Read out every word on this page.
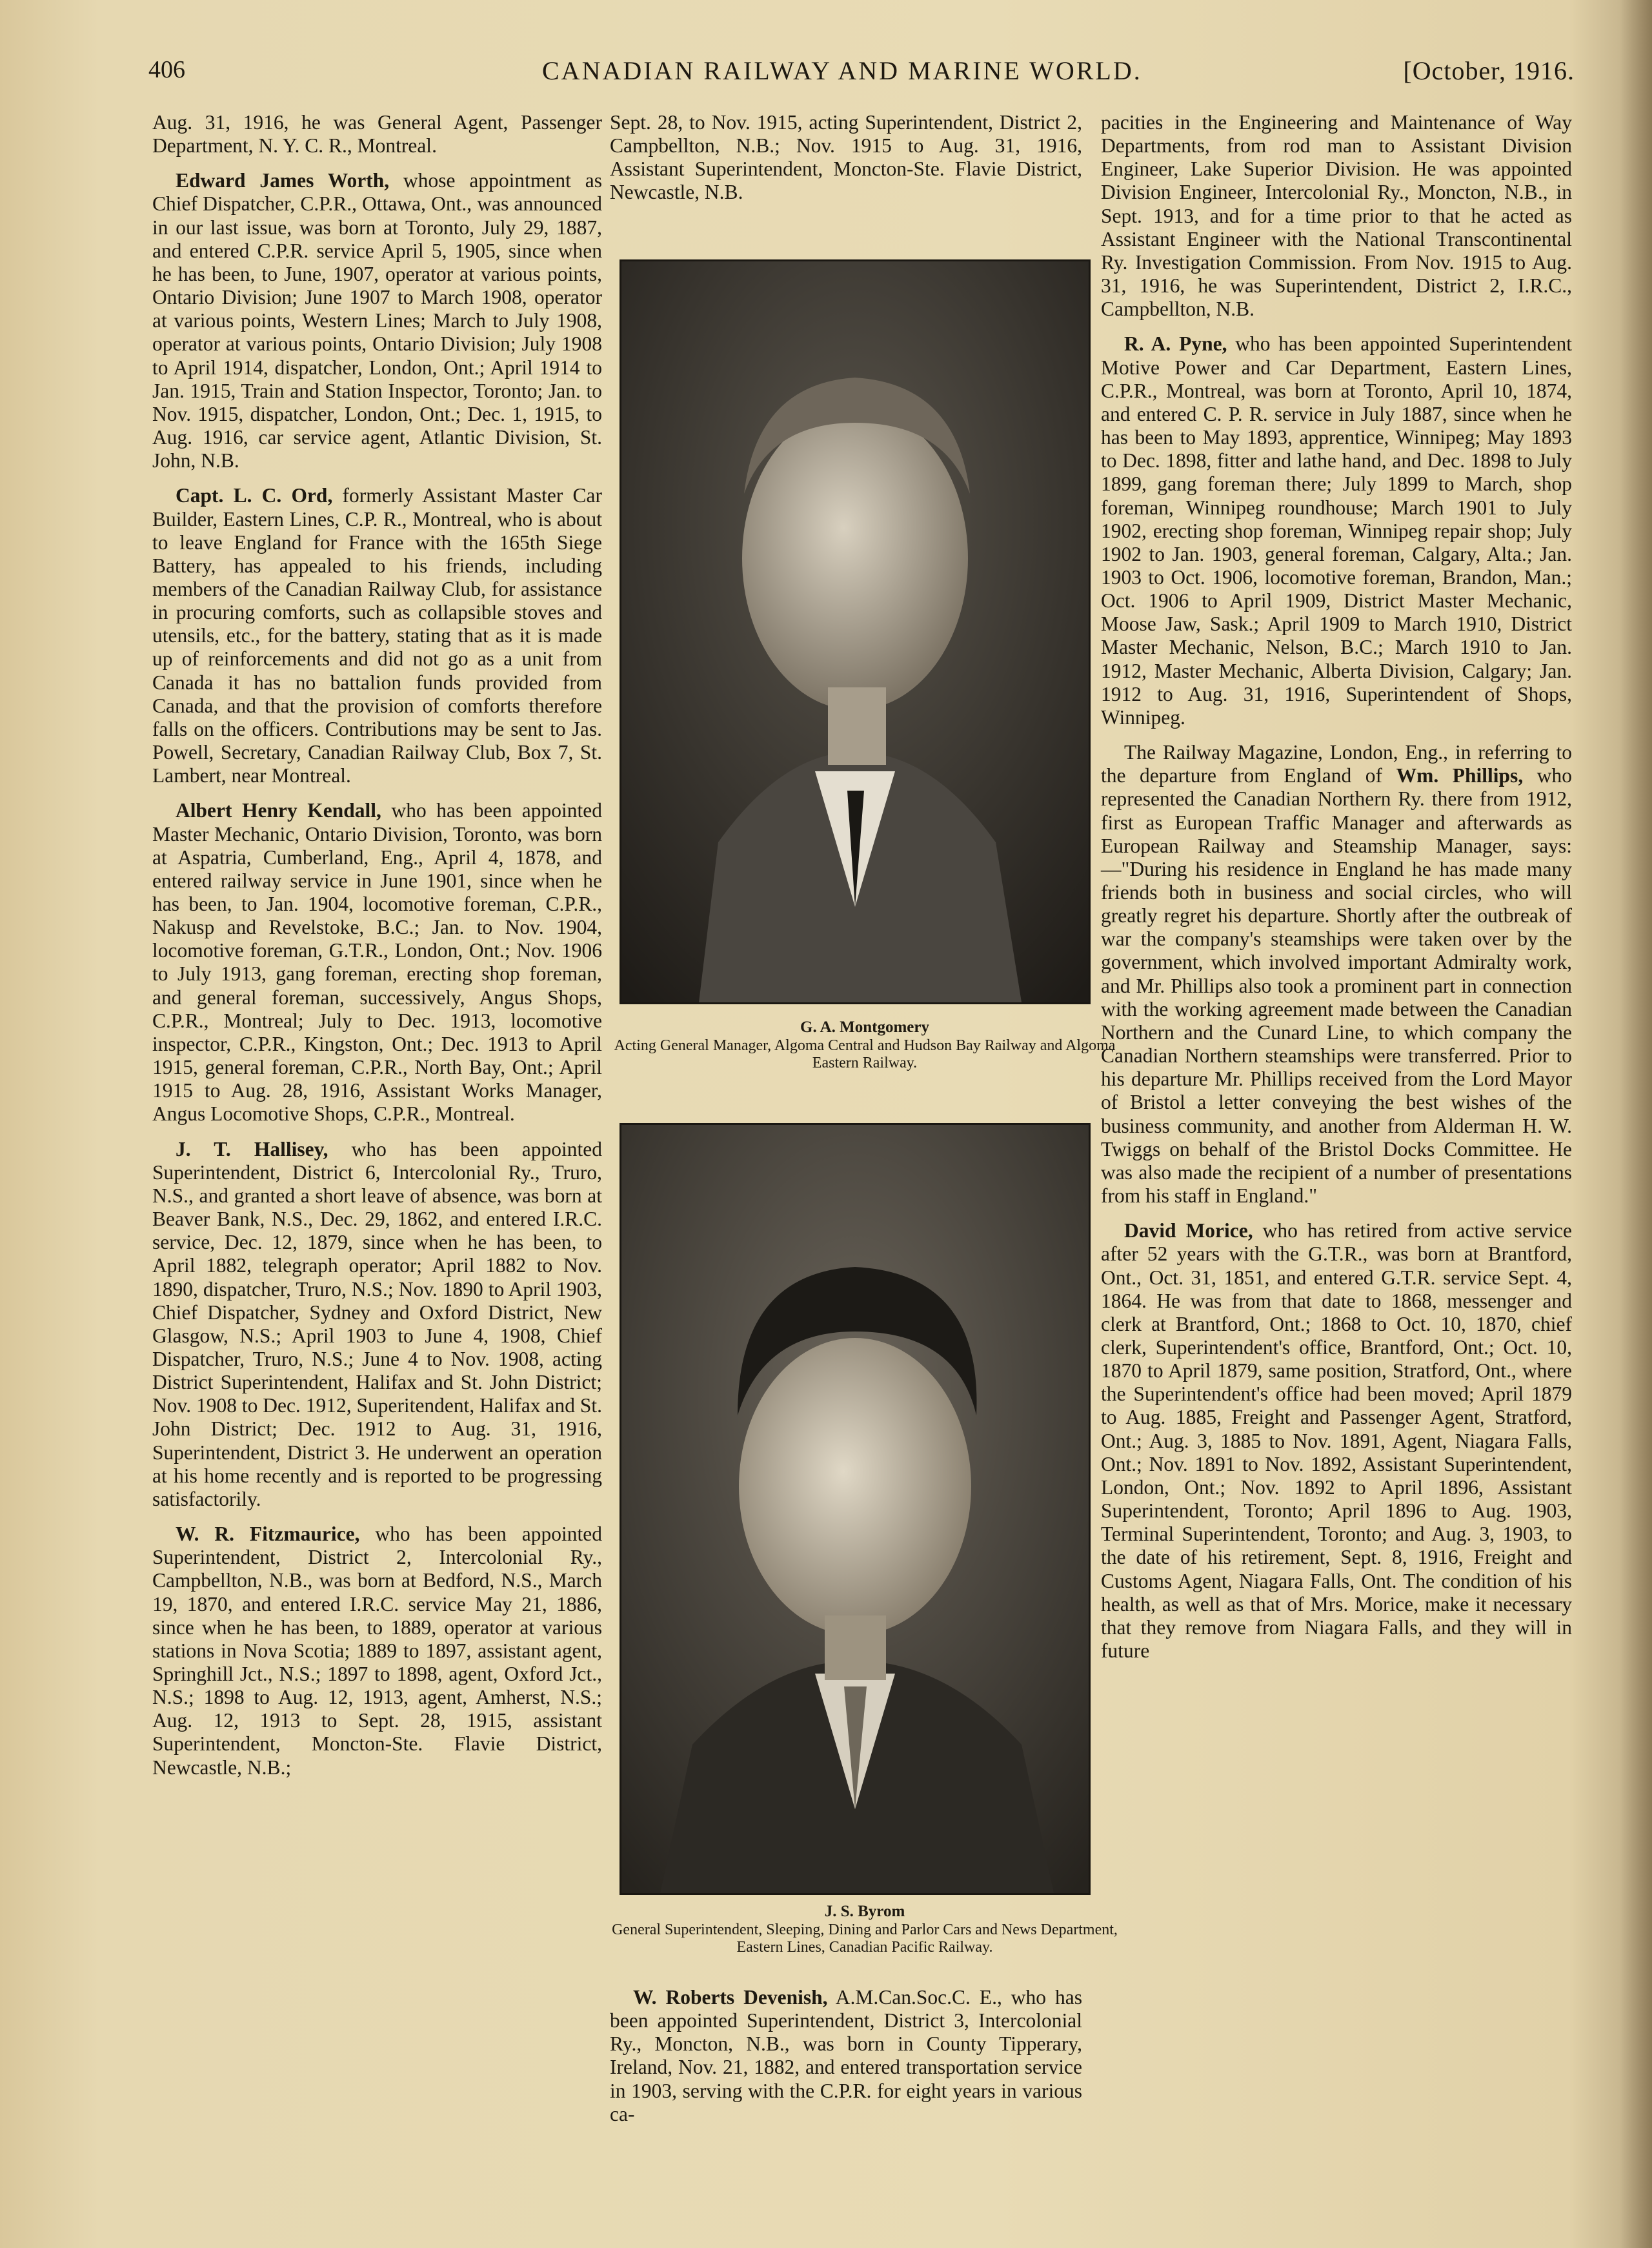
406	CANADIAN RAILWAY AND MARINE WORLD.	[October, 1916.

Aug. 31, 1916, he was General Agent, Passenger Department, N. Y. C. R., Montreal.

Edward James Worth, whose appointment as Chief Dispatcher, C.P.R., Ottawa, Ont., was announced in our last issue, was born at Toronto, July 29, 1887, and entered C.P.R. service April 5, 1905, since when he has been, to June, 1907, operator at various points, Ontario Division; June 1907 to March 1908, operator at various points, Western Lines; March to July 1908, operator at various points, Ontario Division; July 1908 to April 1914, dispatcher, London, Ont.; April 1914 to Jan. 1915, Train and Station Inspector, Toronto; Jan. to Nov. 1915, dispatcher, London, Ont.; Dec. 1, 1915, to Aug. 1916, car service agent, Atlantic Division, St. John, N.B.

Capt. L. C. Ord, formerly Assistant Master Car Builder, Eastern Lines, C.P. R., Montreal, who is about to leave England for France with the 165th Siege Battery, has appealed to his friends, including members of the Canadian Railway Club, for assistance in procuring comforts, such as collapsible stoves and utensils, etc., for the battery, stating that as it is made up of reinforcements and did not go as a unit from Canada it has no battalion funds provided from Canada, and that the provision of comforts therefore falls on the officers. Contributions may be sent to Jas. Powell, Secretary, Canadian Railway Club, Box 7, St. Lambert, near Montreal.

Albert Henry Kendall, who has been appointed Master Mechanic, Ontario Division, Toronto, was born at Aspatria, Cumberland, Eng., April 4, 1878, and entered railway service in June 1901, since when he has been, to Jan. 1904, locomotive foreman, C.P.R., Nakusp and Revelstoke, B.C.; Jan. to Nov. 1904, locomotive foreman, G.T.R., London, Ont.; Nov. 1906 to July 1913, gang foreman, erecting shop foreman, and general foreman, successively, Angus Shops, C.P.R., Montreal; July to Dec. 1913, locomotive inspector, C.P.R., Kingston, Ont.; Dec. 1913 to April 1915, general foreman, C.P.R., North Bay, Ont.; April 1915 to Aug. 28, 1916, Assistant Works Manager, Angus Locomotive Shops, C.P.R., Montreal.

J. T. Hallisey, who has been appointed Superintendent, District 6, Intercolonial Ry., Truro, N.S., and granted a short leave of absence, was born at Beaver Bank, N.S., Dec. 29, 1862, and entered I.R.C. service, Dec. 12, 1879, since when he has been, to April 1882, telegraph operator; April 1882 to Nov. 1890, dispatcher, Truro, N.S.; Nov. 1890 to April 1903, Chief Dispatcher, Sydney and Oxford District, New Glasgow, N.S.; April 1903 to June 4, 1908, Chief Dispatcher, Truro, N.S.; June 4 to Nov. 1908, acting District Superintendent, Halifax and St. John District; Nov. 1908 to Dec. 1912, Superitendent, Halifax and St. John District; Dec. 1912 to Aug. 31, 1916, Superintendent, District 3. He underwent an operation at his home recently and is reported to be progressing satisfactorily.

W. R. Fitzmaurice, who has been appointed Superintendent, District 2, Intercolonial Ry., Campbellton, N.B., was born at Bedford, N.S., March 19, 1870, and entered I.R.C. service May 21, 1886, since when he has been, to 1889, operator at various stations in Nova Scotia; 1889 to 1897, assistant agent, Springhill Jct., N.S.; 1897 to 1898, agent, Oxford Jct., N.S.; 1898 to Aug. 12, 1913, agent, Amherst, N.S.; Aug. 12, 1913 to Sept. 28, 1915, assistant Superintendent, Moncton-Ste. Flavie District, Newcastle, N.B.;

Sept. 28, to Nov. 1915, acting Superintendent, District 2, Campbellton, N.B.; Nov. 1915 to Aug. 31, 1916, Assistant Superintendent, Moncton-Ste. Flavie District, Newcastle, N.B.

G. A. Montgomery
Acting General Manager, Algoma Central and Hudson Bay Railway and Algoma Eastern Railway.
J. S. Byrom
General Superintendent, Sleeping, Dining and Parlor Cars and News Department, Eastern Lines, Canadian Pacific Railway.

W. Roberts Devenish, A.M.Can.Soc.C. E., who has been appointed Superintendent, District 3, Intercolonial Ry., Moncton, N.B., was born in County Tipperary, Ireland, Nov. 21, 1882, and entered transportation service in 1903, serving with the C.P.R. for eight years in various ca-

pacities in the Engineering and Maintenance of Way Departments, from rod man to Assistant Division Engineer, Lake Superior Division. He was appointed Division Engineer, Intercolonial Ry., Moncton, N.B., in Sept. 1913, and for a time prior to that he acted as Assistant Engineer with the National Transcontinental Ry. Investigation Commission. From Nov. 1915 to Aug. 31, 1916, he was Superintendent, District 2, I.R.C., Campbellton, N.B.

R. A. Pyne, who has been appointed Superintendent Motive Power and Car Department, Eastern Lines, C.P.R., Montreal, was born at Toronto, April 10, 1874, and entered C. P. R. service in July 1887, since when he has been to May 1893, apprentice, Winnipeg; May 1893 to Dec. 1898, fitter and lathe hand, and Dec. 1898 to July 1899, gang foreman there; July 1899 to March, shop foreman, Winnipeg roundhouse; March 1901 to July 1902, erecting shop foreman, Winnipeg repair shop; July 1902 to Jan. 1903, general foreman, Calgary, Alta.; Jan. 1903 to Oct. 1906, locomotive foreman, Brandon, Man.; Oct. 1906 to April 1909, District Master Mechanic, Moose Jaw, Sask.; April 1909 to March 1910, District Master Mechanic, Nelson, B.C.; March 1910 to Jan. 1912, Master Mechanic, Alberta Division, Calgary; Jan. 1912 to Aug. 31, 1916, Superintendent of Shops, Winnipeg.

The Railway Magazine, London, Eng., in referring to the departure from England of Wm. Phillips, who represented the Canadian Northern Ry. there from 1912, first as European Traffic Manager and afterwards as European Railway and Steamship Manager, says:—"During his residence in England he has made many friends both in business and social circles, who will greatly regret his departure. Shortly after the outbreak of war the company's steamships were taken over by the government, which involved important Admiralty work, and Mr. Phillips also took a prominent part in connection with the working agreement made between the Canadian Northern and the Cunard Line, to which company the Canadian Northern steamships were transferred. Prior to his departure Mr. Phillips received from the Lord Mayor of Bristol a letter conveying the best wishes of the business community, and another from Alderman H. W. Twiggs on behalf of the Bristol Docks Committee. He was also made the recipient of a number of presentations from his staff in England."

David Morice, who has retired from active service after 52 years with the G.T.R., was born at Brantford, Ont., Oct. 31, 1851, and entered G.T.R. service Sept. 4, 1864. He was from that date to 1868, messenger and clerk at Brantford, Ont.; 1868 to Oct. 10, 1870, chief clerk, Superintendent's office, Brantford, Ont.; Oct. 10, 1870 to April 1879, same position, Stratford, Ont., where the Superintendent's office had been moved; April 1879 to Aug. 1885, Freight and Passenger Agent, Stratford, Ont.; Aug. 3, 1885 to Nov. 1891, Agent, Niagara Falls, Ont.; Nov. 1891 to Nov. 1892, Assistant Superintendent, London, Ont.; Nov. 1892 to April 1896, Assistant Superintendent, Toronto; April 1896 to Aug. 1903, Terminal Superintendent, Toronto; and Aug. 3, 1903, to the date of his retirement, Sept. 8, 1916, Freight and Customs Agent, Niagara Falls, Ont. The condition of his health, as well as that of Mrs. Morice, make it necessary that they remove from Niagara Falls, and they will in future
